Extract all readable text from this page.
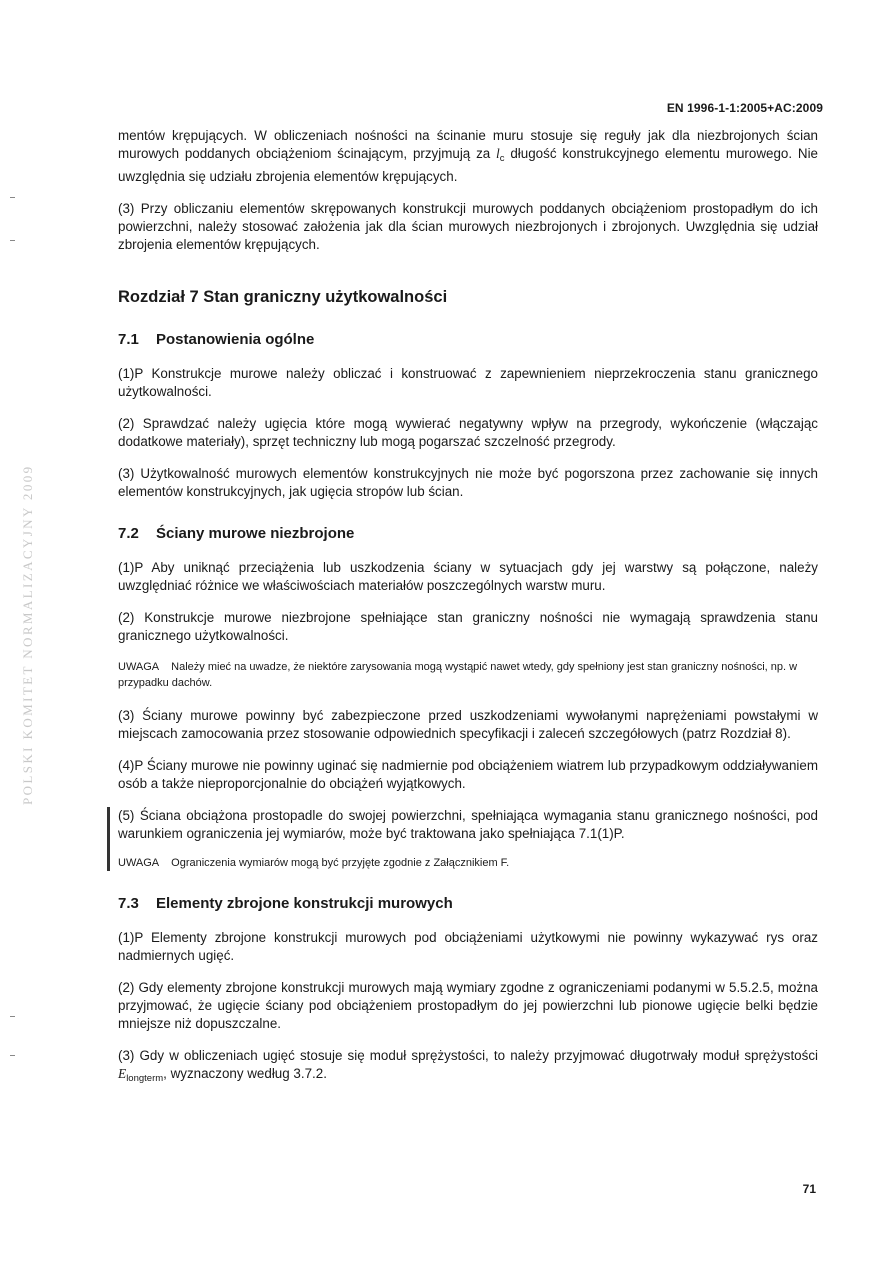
EN 1996-1-1:2005+AC:2009
POLSKI KOMITET NORMALIZACYJNY 2009

mentów krępujących. W obliczeniach nośności na ścinanie muru stosuje się reguły jak dla niezbrojonych ścian murowych poddanych obciążeniom ścinającym, przyjmują za $l_c$ długość konstrukcyjnego elementu murowego. Nie uwzględnia się udziału zbrojenia elementów krępujących.

(3) Przy obliczaniu elementów skrępowanych konstrukcji murowych poddanych obciążeniom prostopadłym do ich powierzchni, należy stosować założenia jak dla ścian murowych niezbrojonych i zbrojonych. Uwzględnia się udział zbrojenia elementów krępujących.

Rozdział 7 Stan graniczny użytkowalności
7.1 Postanowienia ogólne

(1)P Konstrukcje murowe należy obliczać i konstruować z zapewnieniem nieprzekroczenia stanu granicznego użytkowalności.

(2) Sprawdzać należy ugięcia które mogą wywierać negatywny wpływ na przegrody, wykończenie (włączając dodatkowe materiały), sprzęt techniczny lub mogą pogarszać szczelność przegrody.

(3) Użytkowalność murowych elementów konstrukcyjnych nie może być pogorszona przez zachowanie się innych elementów konstrukcyjnych, jak ugięcia stropów lub ścian.

7.2 Ściany murowe niezbrojone

(1)P Aby uniknąć przeciążenia lub uszkodzenia ściany w sytuacjach gdy jej warstwy są połączone, należy uwzględniać różnice we właściwościach materiałów poszczególnych warstw muru.

(2) Konstrukcje murowe niezbrojone spełniające stan graniczny nośności nie wymagają sprawdzenia stanu granicznego użytkowalności.

UWAGA Należy mieć na uwadze, że niektóre zarysowania mogą wystąpić nawet wtedy, gdy spełniony jest stan graniczny nośności, np. w przypadku dachów.

(3) Ściany murowe powinny być zabezpieczone przed uszkodzeniami wywołanymi naprężeniami powstałymi w miejscach zamocowania przez stosowanie odpowiednich specyfikacji i zaleceń szczegółowych (patrz Rozdział 8).

(4)P Ściany murowe nie powinny uginać się nadmiernie pod obciążeniem wiatrem lub przypadkowym oddziaływaniem osób a także nieproporcjonalnie do obciążeń wyjątkowych.

(5) Ściana obciążona prostopadle do swojej powierzchni, spełniająca wymagania stanu granicznego nośności, pod warunkiem ograniczenia jej wymiarów, może być traktowana jako spełniająca 7.1(1)P.

UWAGA Ograniczenia wymiarów mogą być przyjęte zgodnie z Załącznikiem F.

7.3 Elementy zbrojone konstrukcji murowych

(1)P Elementy zbrojone konstrukcji murowych pod obciążeniami użytkowymi nie powinny wykazywać rys oraz nadmiernych ugięć.

(2) Gdy elementy zbrojone konstrukcji murowych mają wymiary zgodne z ograniczeniami podanymi w 5.5.2.5, można przyjmować, że ugięcie ściany pod obciążeniem prostopadłym do jej powierzchni lub pionowe ugięcie belki będzie mniejsze niż dopuszczalne.

(3) Gdy w obliczeniach ugięć stosuje się moduł sprężystości, to należy przyjmować długotrwały moduł sprężystości $E_{longterm}$, wyznaczony według 3.7.2.

71
